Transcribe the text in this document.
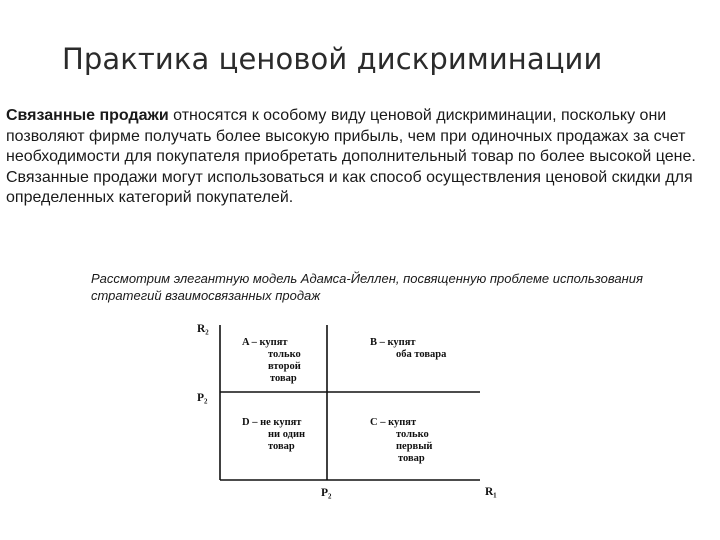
Практика ценовой дискриминации
Связанные продажи относятся к особому виду ценовой дискриминации, поскольку они позволяют фирме получать более высокую прибыль, чем при одиночных продажах за счет необходимости для покупателя приобретать дополнительный товар по более высокой цене. Связанные продажи могут использоваться и как способ осуществления ценовой скидки для определенных категорий покупателей.
Рассмотрим элегантную модель Адамса-Йеллен, посвященную проблеме использования стратегий взаимосвязанных продаж
R₂
R₁
P₂
P₂
A – купят
только
второй
товар
B – купят
оба товара
D – не купят
ни один
товар
C – купят
только
первый
товар
